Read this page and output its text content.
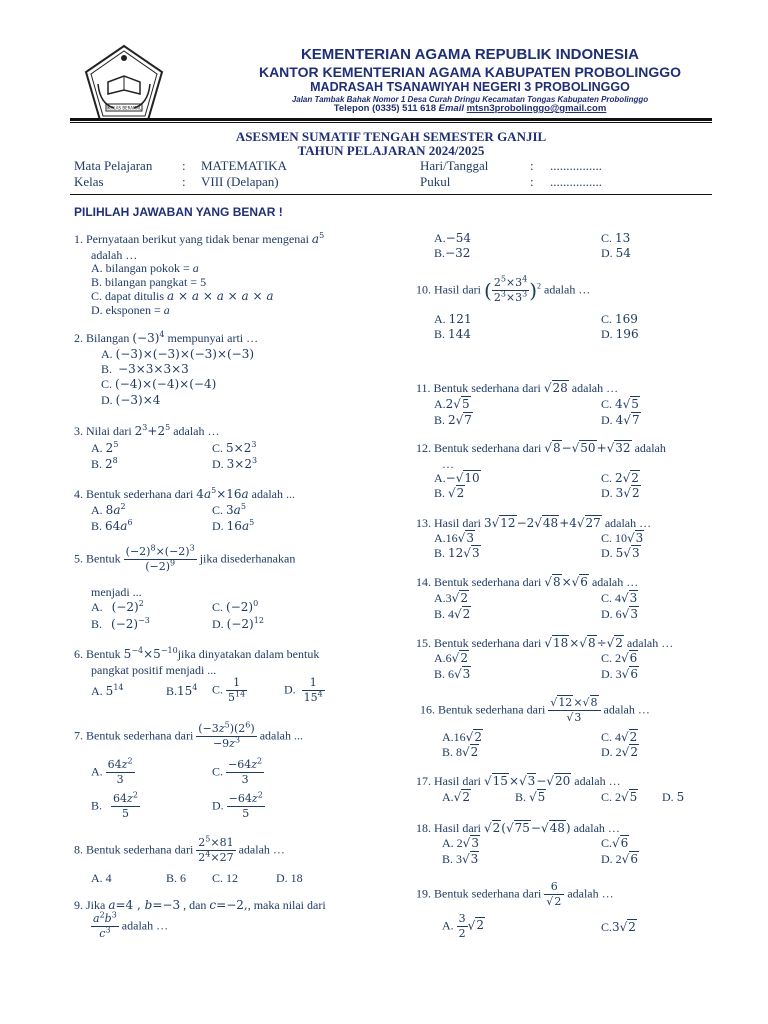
IKHLAS BERAMAL
KEMENTERIAN AGAMA REPUBLIK INDONESIA
KANTOR KEMENTERIAN AGAMA KABUPATEN PROBOLINGGO
MADRASAH TSANAWIYAH NEGERI 3 PROBOLINGGO
Jalan Tambak Bahak Nomor 1 Desa Curah Dringu Kecamatan Tongas Kabupaten Probolinggo
Telepon (0335) 511 618 Email mtsn3probolinggo@gmail.com
ASESMEN SUMATIF TENGAH SEMESTER GANJIL
TAHUN PELAJARAN 2024/2025
Mata Pelajaran : MATEMATIKA	Hari/Tanggal	: ................
Kelas	: VIII (Delapan)	Pukul	: ................
PILIHLAH JAWABAN YANG BENAR !
1. Pernyataan berikut yang tidak benar mengenai $a^5$
adalah …
A. bilangan pokok = a
B. bilangan pangkat = 5
C. dapat ditulis a × a × a × a × a
D. eksponen = a
2. Bilangan $(-3)^4$ mempunyai arti …
A. (−3)×(−3)×(−3)×(−3)
B.  −3×3×3×3
C. (−4)×(−4)×(−4)
D. (−3)×4
3. Nilai dari $2^3+2^5$ adalah …
A. $2^5$	C. $5\times 2^3$
B. $2^8$	D. $3\times 2^3$
4. Bentuk sederhana dari $4a^5\times 16a$ adalah ...
A. $8a^2$	C. $3a^5$
B. $64a^6$	D. $16a^5$
5. Bentuk $\frac{(-2)^8\times(-2)^3}{(-2)^9}$ jika disederhanakan
menjadi ...
A.   $(-2)^2$	C. $(-2)^0$
B.   $(-2)^{-3}$	D. $(-2)^{12}$
6. Bentuk $5^{-4}\times 5^{-10}jika$ dinyatakan dalam bentuk
pangkat positif menjadi ...
A. $5^{14}$	$B.15^4$ C. $\frac{1}{5^{14}}$	D. $\frac{1}{15^4}$
7. Bentuk sederhana dari $\frac{(-3z^5)(2^6)}{-9z^3}$ adalah ...
A. $\frac{64z^2}{3}$	C. $\frac{-64z^2}{3}$
B. $\frac{64z^2}{5}$	D. $\frac{-64z^2}{5}$
8. Bentuk sederhana dari $\frac{2^5\times 81}{2^4\times 27}$ adalah …
A. 4	B. 6 C. 12	D. 18
9. Jika a=4 , b=−3 , dan c=−2,, maka nilai dari
$\frac{a^2b^3}{c^3}$ adalah …
A.−54	C. 13
B.−32	D. 54
10. Hasil dari ( $\frac{2^5\times 3^4}{2^3\times 3^3} )^2$ adalah …
A. 121	C. 169
B. 144	D. 196
11. Bentuk sederhana dari √28 adalah …
A.2√5	C. 4√5
B. 2√7	D. 4√7
12. Bentuk sederhana dari √8−√50+√32 adalah
…
A.−√10	C. 2√2
B. √2	D. 3√2
13. Hasil dari 3√12−2√48+4√27 adalah …
A.16√3	C. 10√3
B. 12√3	D. 5√3
14. Bentuk sederhana dari √8×√6 adalah …
A.3√2	C. 4√3
B. 4√2	D. 6√3
15. Bentuk sederhana dari √18×√8÷√2 adalah …
A.6√2	C. 2√6
B. 6√3	D. 3√6
16. Bentuk sederhana dari $\frac{√12\times√8}{√3}$ adalah …
A.16√2	C. 4√2
B. 8√2	D. 2√2
17. Hasil dari √15×√3−√20 adalah …
A.√2	B. √5	C. 2√5 D. 5
18. Hasil dari √2(√75−√48) adalah …
A. 2√3	C.√6
B. 3√3	D. 2√6
19. Bentuk sederhana dari $\frac{6}{√2}$ adalah …
A. $\frac{3}{2} √2$	C.3√2
